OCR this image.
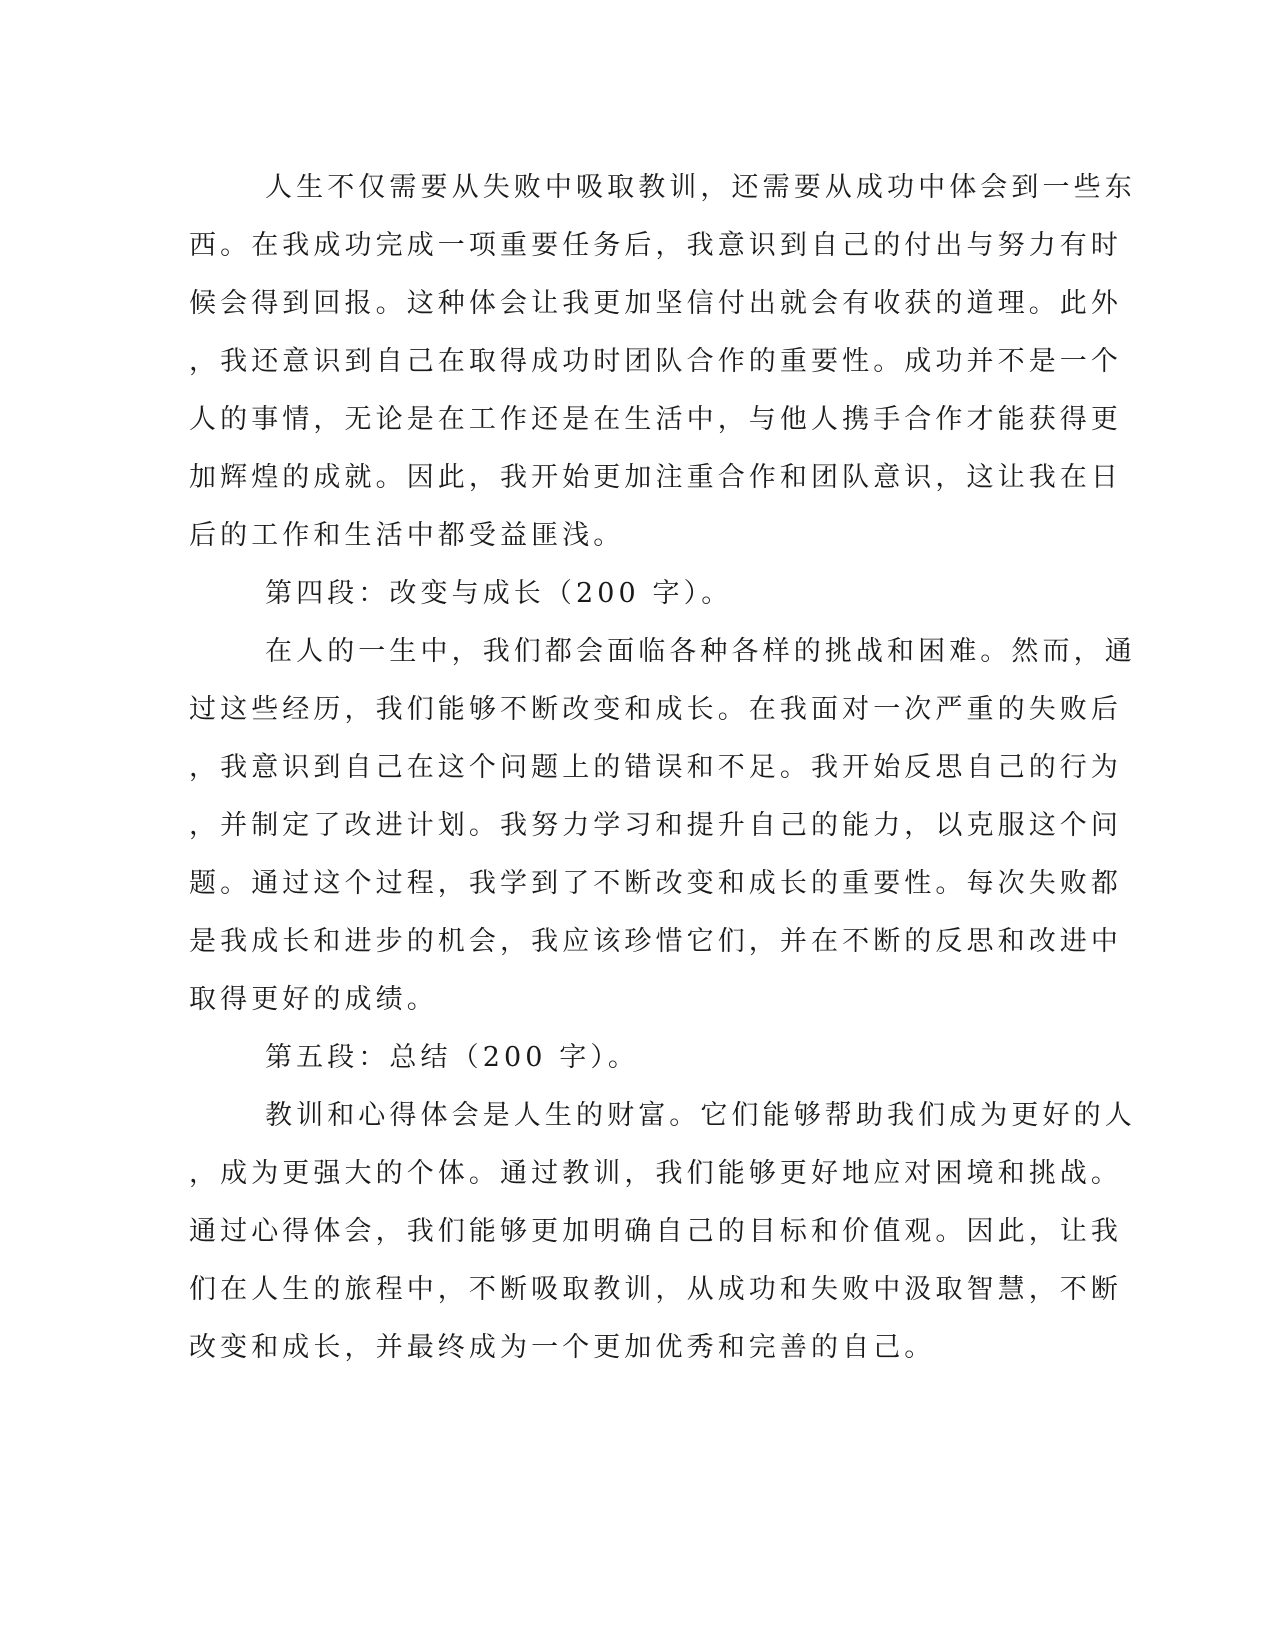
人生不仅需要从失败中吸取教训，还需要从成功中体会到一些东
西。在我成功完成一项重要任务后，我意识到自己的付出与努力有时
候会得到回报。这种体会让我更加坚信付出就会有收获的道理。此外
，我还意识到自己在取得成功时团队合作的重要性。成功并不是一个
人的事情，无论是在工作还是在生活中，与他人携手合作才能获得更
加辉煌的成就。因此，我开始更加注重合作和团队意识，这让我在日
后的工作和生活中都受益匪浅。
第四段：改变与成长（200 字）。
在人的一生中，我们都会面临各种各样的挑战和困难。然而，通
过这些经历，我们能够不断改变和成长。在我面对一次严重的失败后
，我意识到自己在这个问题上的错误和不足。我开始反思自己的行为
，并制定了改进计划。我努力学习和提升自己的能力，以克服这个问
题。通过这个过程，我学到了不断改变和成长的重要性。每次失败都
是我成长和进步的机会，我应该珍惜它们，并在不断的反思和改进中
取得更好的成绩。
第五段：总结（200 字）。
教训和心得体会是人生的财富。它们能够帮助我们成为更好的人
，成为更强大的个体。通过教训，我们能够更好地应对困境和挑战。
通过心得体会，我们能够更加明确自己的目标和价值观。因此，让我
们在人生的旅程中，不断吸取教训，从成功和失败中汲取智慧，不断
改变和成长，并最终成为一个更加优秀和完善的自己。
